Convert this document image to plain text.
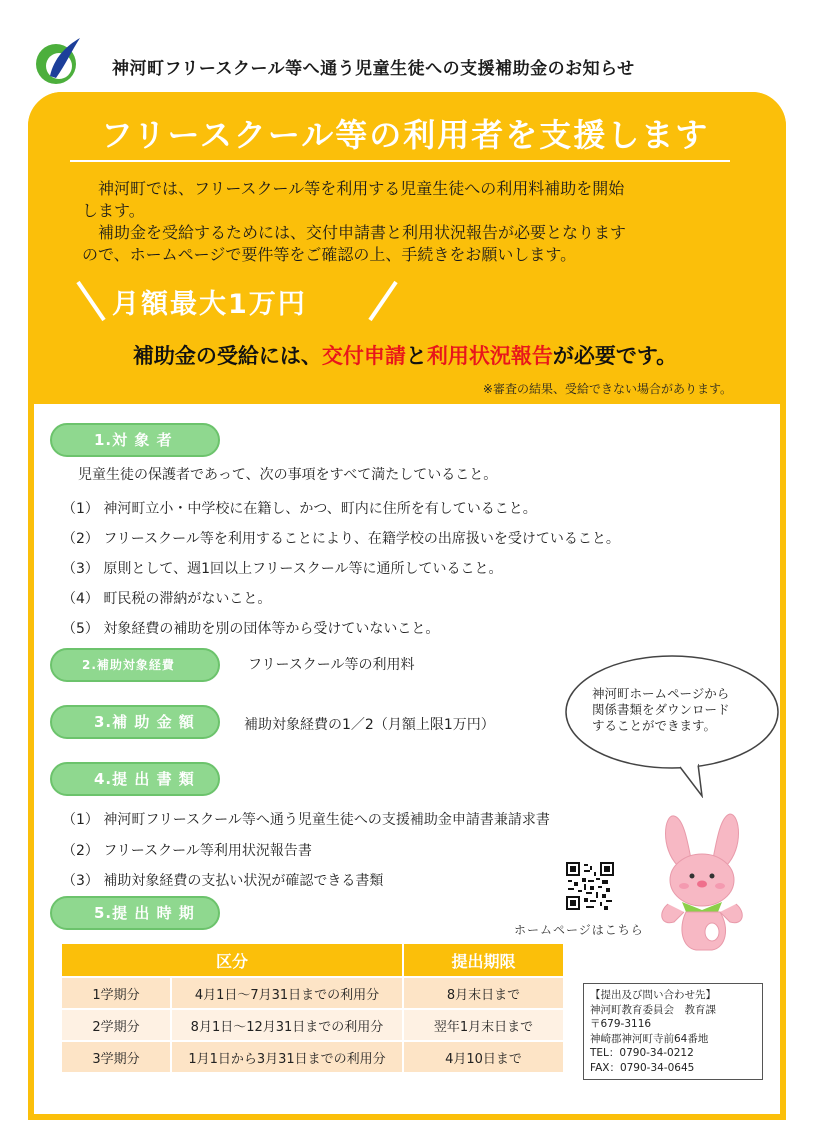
神河町フリースクール等へ通う児童生徒への支援補助金のお知らせ
フリースクール等の利用者を支援します
　神河町では、フリースクール等を利用する児童生徒への利用料補助を開始
します。
　補助金を受給するためには、交付申請書と利用状況報告が必要となります
ので、ホームページで要件等をご確認の上、手続きをお願いします。
月額最大1万円
補助金の受給には、交付申請と利用状況報告が必要です。
※審査の結果、受給できない場合があります。
1.対 象 者
児童生徒の保護者であって、次の事項をすべて満たしていること。
（1） 神河町立小・中学校に在籍し、かつ、町内に住所を有していること。
（2） フリースクール等を利用することにより、在籍学校の出席扱いを受けていること。
（3） 原則として、週1回以上フリースクール等に通所していること。
（4） 町民税の滞納がないこと。
（5） 対象経費の補助を別の団体等から受けていないこと。
2.補助対象経費	フリースクール等の利用料
3.補 助 金 額	補助対象経費の1／2（月額上限1万円）
4.提 出 書 類
（1） 神河町フリースクール等へ通う児童生徒への支援補助金申請書兼請求書
（2） フリースクール等利用状況報告書
（3） 補助対象経費の支払い状況が確認できる書類
5.提 出 時 期
区分		提出期限
1学期分	4月1日～7月31日までの利用分	8月末日まで
2学期分	8月1日～12月31日までの利用分	翌年1月末日まで
3学期分	1月1日から3月31日までの利用分	4月10日まで
神河町ホームページから
関係書類をダウンロード
することができます。
ホームページはこちら
【提出及び問い合わせ先】
神河町教育委員会　教育課
〒679-3116
神崎郡神河町寺前64番地
TEL：0790-34-0212
FAX：0790-34-0645
